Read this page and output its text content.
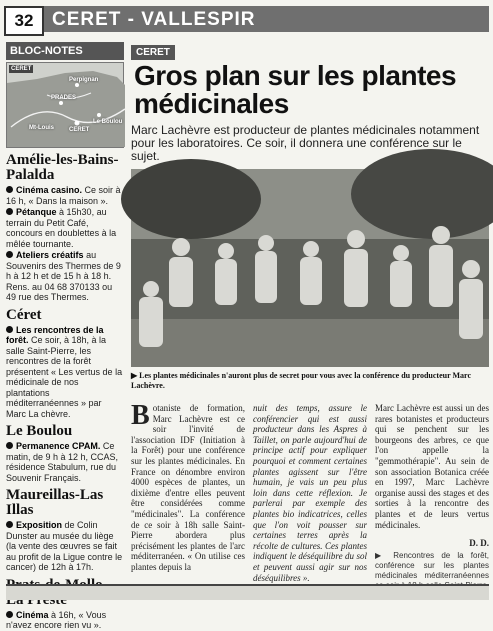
32 CERET - VALLESPIR
BLOC-NOTES
CERET
Perpignan
PRADES
Le Boulou
Mt-Louis	CERET
Amélie-les-Bains-Palalda
Cinéma casino. Ce soir à 16 h, « Dans la maison ».
Pétanque à 15h30, au terrain du Petit Café, concours en doublettes à la mêlée tournante.
Ateliers créatifs au Souvenirs des Thermes de 9 h à 12 h et de 15 h à 18 h. Rens. au 04 68 370133 ou 49 rue des Thermes.
Céret
Les rencontres de la forêt. Ce soir, à 18h, à la salle Saint-Pierre, les rencontres de la forêt présentent « Les vertus de la médicinale de nos plantations méditerranéennes » par Marc La chèvre.
Le Boulou
Permanence CPAM. Ce matin, de 9 h à 12 h, CCAS, résidence Stabulum, rue du Souvenir Français.
Maureillas-Las Illas
Exposition de Colin Dunster au musée du liège (la vente des œuvres se fait au profit de la Ligue contre le cancer) de 12h à 17h.
Cinéma à 16h, « Vous n'avez encore rien vu ».
CERET
Gros plan sur les plantes médicinales
Marc Lachèvre est producteur de plantes médicinales notamment pour les laboratoires. Ce soir, il donnera une conférence sur le sujet.
▶ Les plantes médicinales n'auront plus de secret pour vous avec la conférence du producteur Marc Lachèvre.
Botaniste de formation, Marc Lachèvre est ce soir l'invité de l'association IDF (Initiation à la Forêt) pour une conférence sur les plantes médicinales. En France on dénombre environ 4000 espèces de plantes, un dixième d'entre elles peuvent être considérées comme "médicinales". La conférence de ce soir à 18h salle Saint-Pierre abordera plus précisément les plantes de l'arc méditerranéen. « On utilise ces plantes depuis la
nuit des temps, assure le conférencier qui est aussi producteur dans les Aspres à Taillet, on parle aujourd'hui de principe actif pour expliquer pourquoi et comment certaines plantes agissent sur l'être humain, je vais un peu plus loin dans cette réflexion. Je parlerai par exemple des plantes bio indicatrices, celles que l'on voit pousser sur certaines terres après la récolte de cultures. Ces plantes indiquent le déséquilibre du sol et peuvent aussi agir sur nos déséquilibres ».
Marc Lachèvre est aussi un des rares botanistes et producteurs qui se penchent sur les bourgeons des arbres, ce que l'on appelle la "gemmothérapie". Au sein de son association Botanica créée en 1997, Marc Lachèvre organise aussi des stages et des sorties à la rencontre des plantes et de leurs vertus médicinales.
D. D.
▶ Rencontres de la forêt, conférence sur les plantes médicinales méditerranéennes
